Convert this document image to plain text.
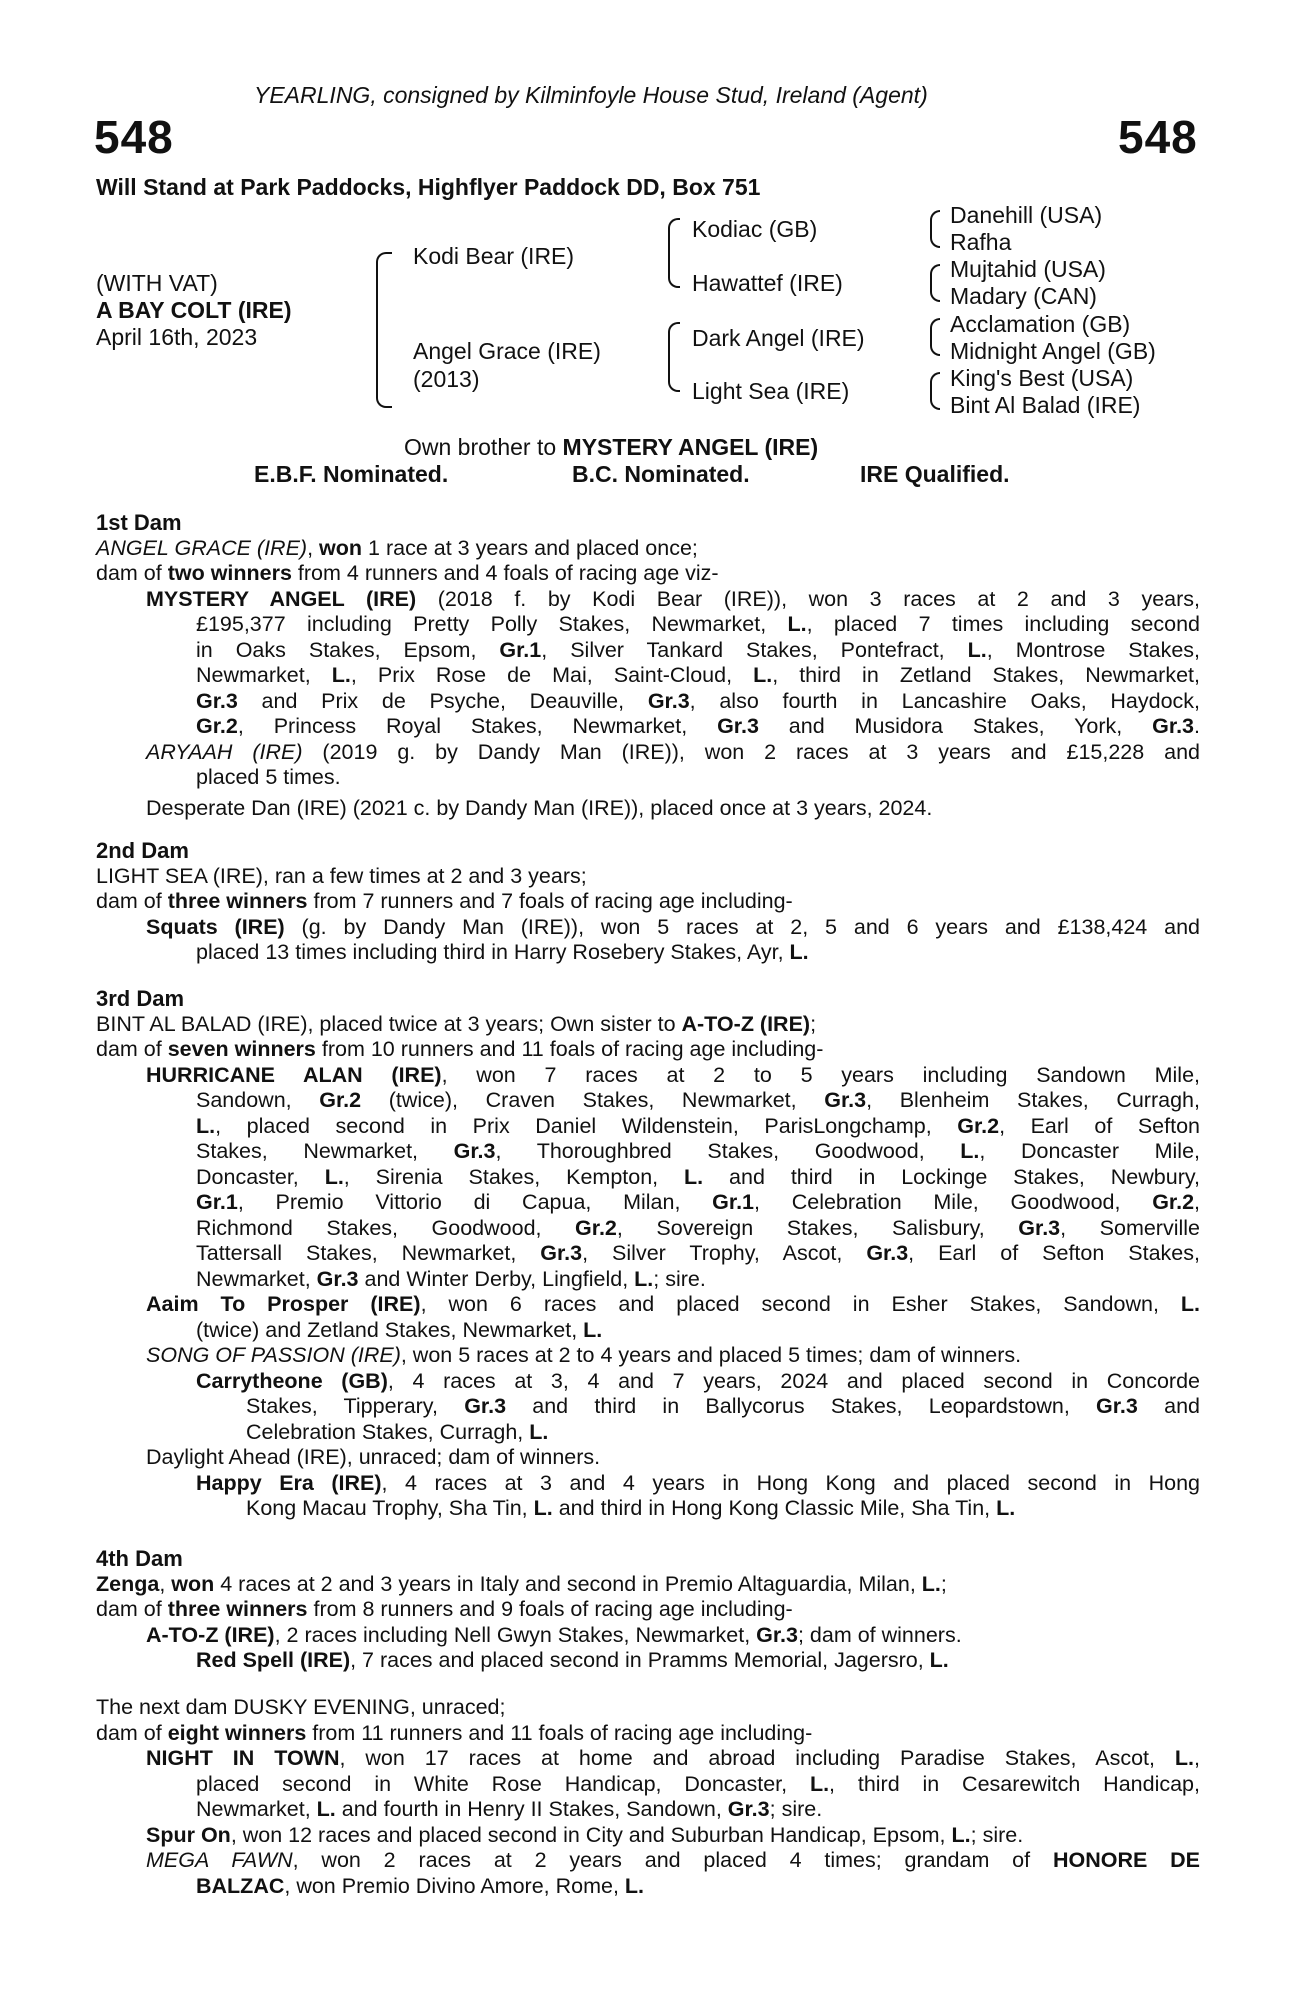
YEARLING, consigned by Kilminfoyle House Stud, Ireland (Agent)
548	548
Will Stand at Park Paddocks, Highflyer Paddock DD, Box 751
(WITH VAT)
A BAY COLT (IRE)
April 16th, 2023
Kodi Bear (IRE)
Angel Grace (IRE)
(2013)
Kodiac (GB)
Hawattef (IRE)
Dark Angel (IRE)
Light Sea (IRE)
Danehill (USA)
Rafha
Mujtahid (USA)
Madary (CAN)
Acclamation (GB)
Midnight Angel (GB)
King's Best (USA)
Bint Al Balad (IRE)
Own brother to MYSTERY ANGEL (IRE)
E.B.F. Nominated.	B.C. Nominated.	IRE Qualified.

1st Dam

ANGEL GRACE (IRE), won 1 race at 3 years and placed once;

dam of two winners from 4 runners and 4 foals of racing age viz-

MYSTERY ANGEL (IRE) (2018 f. by Kodi Bear (IRE)), won 3 races at 2 and 3 years,

£195,377 including Pretty Polly Stakes, Newmarket, L., placed 7 times including second

in Oaks Stakes, Epsom, Gr.1, Silver Tankard Stakes, Pontefract, L., Montrose Stakes,

Newmarket, L., Prix Rose de Mai, Saint-Cloud, L., third in Zetland Stakes, Newmarket,

Gr.3 and Prix de Psyche, Deauville, Gr.3, also fourth in Lancashire Oaks, Haydock,

Gr.2, Princess Royal Stakes, Newmarket, Gr.3 and Musidora Stakes, York, Gr.3.

ARYAAH (IRE) (2019 g. by Dandy Man (IRE)), won 2 races at 3 years and £15,228 and

placed 5 times.

Desperate Dan (IRE) (2021 c. by Dandy Man (IRE)), placed once at 3 years, 2024.

2nd Dam

LIGHT SEA (IRE), ran a few times at 2 and 3 years;

dam of three winners from 7 runners and 7 foals of racing age including-

Squats (IRE) (g. by Dandy Man (IRE)), won 5 races at 2, 5 and 6 years and £138,424 and

placed 13 times including third in Harry Rosebery Stakes, Ayr, L.

3rd Dam

BINT AL BALAD (IRE), placed twice at 3 years; Own sister to A-TO-Z (IRE);

dam of seven winners from 10 runners and 11 foals of racing age including-

HURRICANE ALAN (IRE), won 7 races at 2 to 5 years including Sandown Mile,

Sandown, Gr.2 (twice), Craven Stakes, Newmarket, Gr.3, Blenheim Stakes, Curragh,

L., placed second in Prix Daniel Wildenstein, ParisLongchamp, Gr.2, Earl of Sefton

Stakes, Newmarket, Gr.3, Thoroughbred Stakes, Goodwood, L., Doncaster Mile,

Doncaster, L., Sirenia Stakes, Kempton, L. and third in Lockinge Stakes, Newbury,

Gr.1, Premio Vittorio di Capua, Milan, Gr.1, Celebration Mile, Goodwood, Gr.2,

Richmond Stakes, Goodwood, Gr.2, Sovereign Stakes, Salisbury, Gr.3, Somerville

Tattersall Stakes, Newmarket, Gr.3, Silver Trophy, Ascot, Gr.3, Earl of Sefton Stakes,

Newmarket, Gr.3 and Winter Derby, Lingfield, L.; sire.

Aaim To Prosper (IRE), won 6 races and placed second in Esher Stakes, Sandown, L.

(twice) and Zetland Stakes, Newmarket, L.

SONG OF PASSION (IRE), won 5 races at 2 to 4 years and placed 5 times; dam of winners.

Carrytheone (GB), 4 races at 3, 4 and 7 years, 2024 and placed second in Concorde

Stakes, Tipperary, Gr.3 and third in Ballycorus Stakes, Leopardstown, Gr.3 and

Celebration Stakes, Curragh, L.

Daylight Ahead (IRE), unraced; dam of winners.

Happy Era (IRE), 4 races at 3 and 4 years in Hong Kong and placed second in Hong

Kong Macau Trophy, Sha Tin, L. and third in Hong Kong Classic Mile, Sha Tin, L.

4th Dam

Zenga, won 4 races at 2 and 3 years in Italy and second in Premio Altaguardia, Milan, L.;

dam of three winners from 8 runners and 9 foals of racing age including-

A-TO-Z (IRE), 2 races including Nell Gwyn Stakes, Newmarket, Gr.3; dam of winners.

Red Spell (IRE), 7 races and placed second in Pramms Memorial, Jagersro, L.

The next dam DUSKY EVENING, unraced;

dam of eight winners from 11 runners and 11 foals of racing age including-

NIGHT IN TOWN, won 17 races at home and abroad including Paradise Stakes, Ascot, L.,

placed second in White Rose Handicap, Doncaster, L., third in Cesarewitch Handicap,

Newmarket, L. and fourth in Henry II Stakes, Sandown, Gr.3; sire.

Spur On, won 12 races and placed second in City and Suburban Handicap, Epsom, L.; sire.

MEGA FAWN, won 2 races at 2 years and placed 4 times; grandam of HONORE DE

BALZAC, won Premio Divino Amore, Rome, L.
